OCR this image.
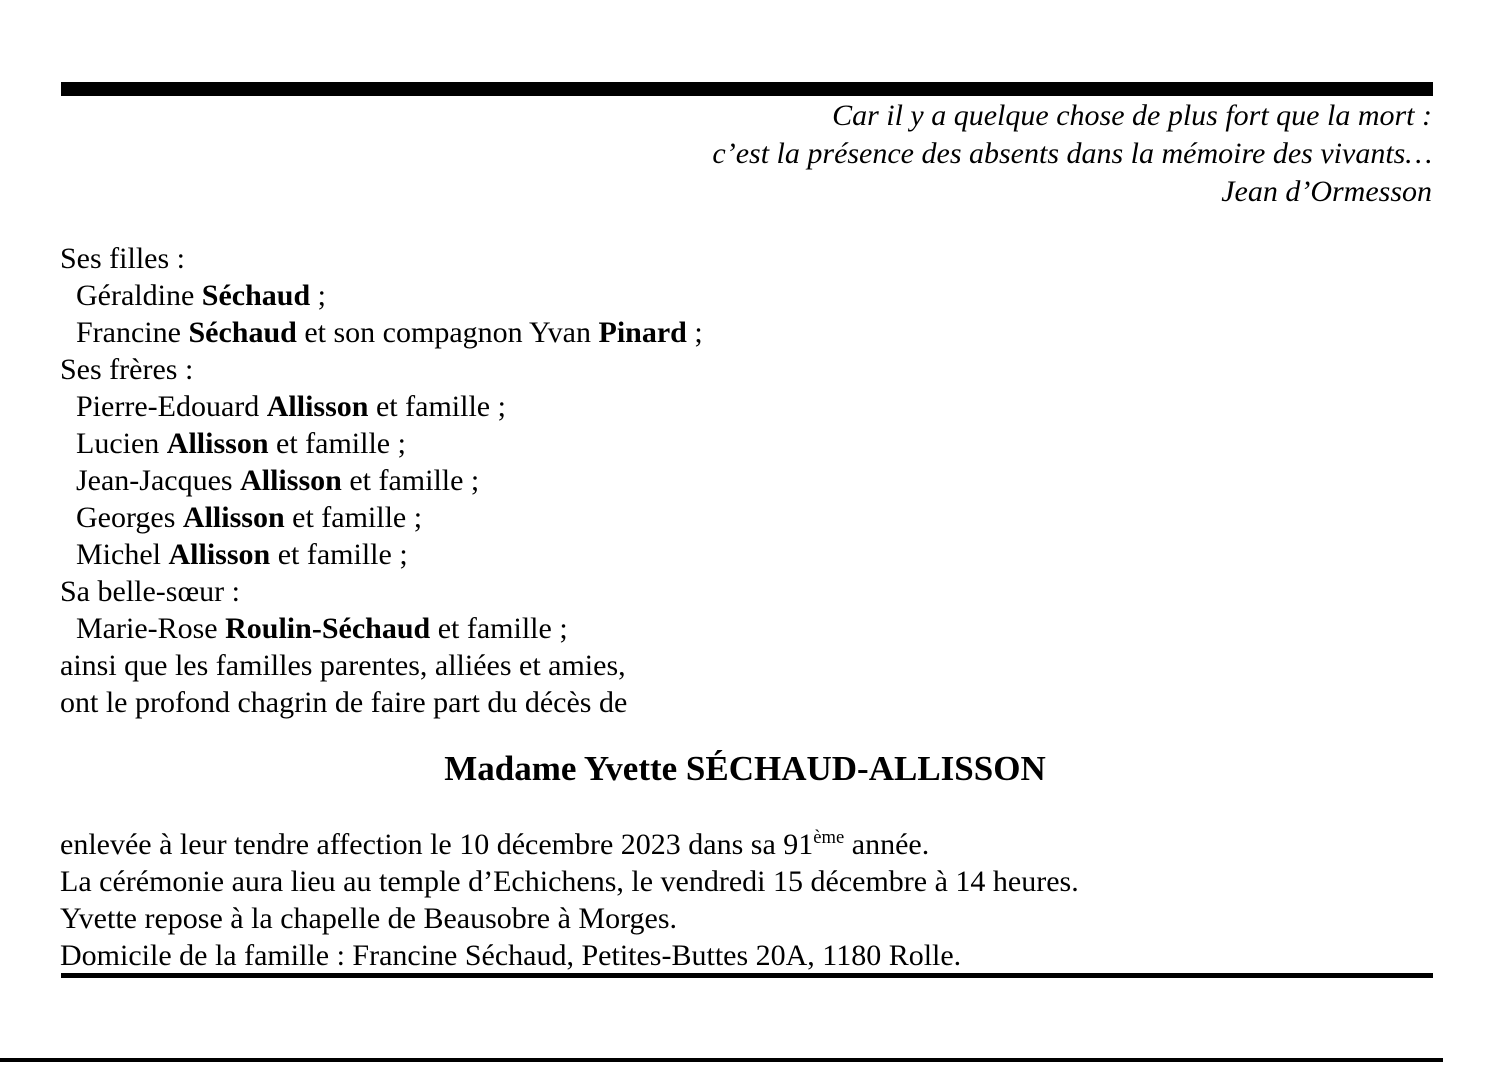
Car il y a quelque chose de plus fort que la mort :
c’est la présence des absents dans la mémoire des vivants…
Jean d’Ormesson
Ses filles :
Géraldine Séchaud ;
Francine Séchaud et son compagnon Yvan Pinard ;
Ses frères :
Pierre-Edouard Allisson et famille ;
Lucien Allisson et famille ;
Jean-Jacques Allisson et famille ;
Georges Allisson et famille ;
Michel Allisson et famille ;
Sa belle-sœur :
Marie-Rose Roulin-Séchaud et famille ;
ainsi que les familles parentes, alliées et amies,
ont le profond chagrin de faire part du décès de
Madame Yvette SÉCHAUD-ALLISSON
enlevée à leur tendre affection le 10 décembre 2023 dans sa 91ème année.
La cérémonie aura lieu au temple d’Echichens, le vendredi 15 décembre à 14 heures.
Yvette repose à la chapelle de Beausobre à Morges.
Domicile de la famille : Francine Séchaud, Petites-Buttes 20A, 1180 Rolle.
